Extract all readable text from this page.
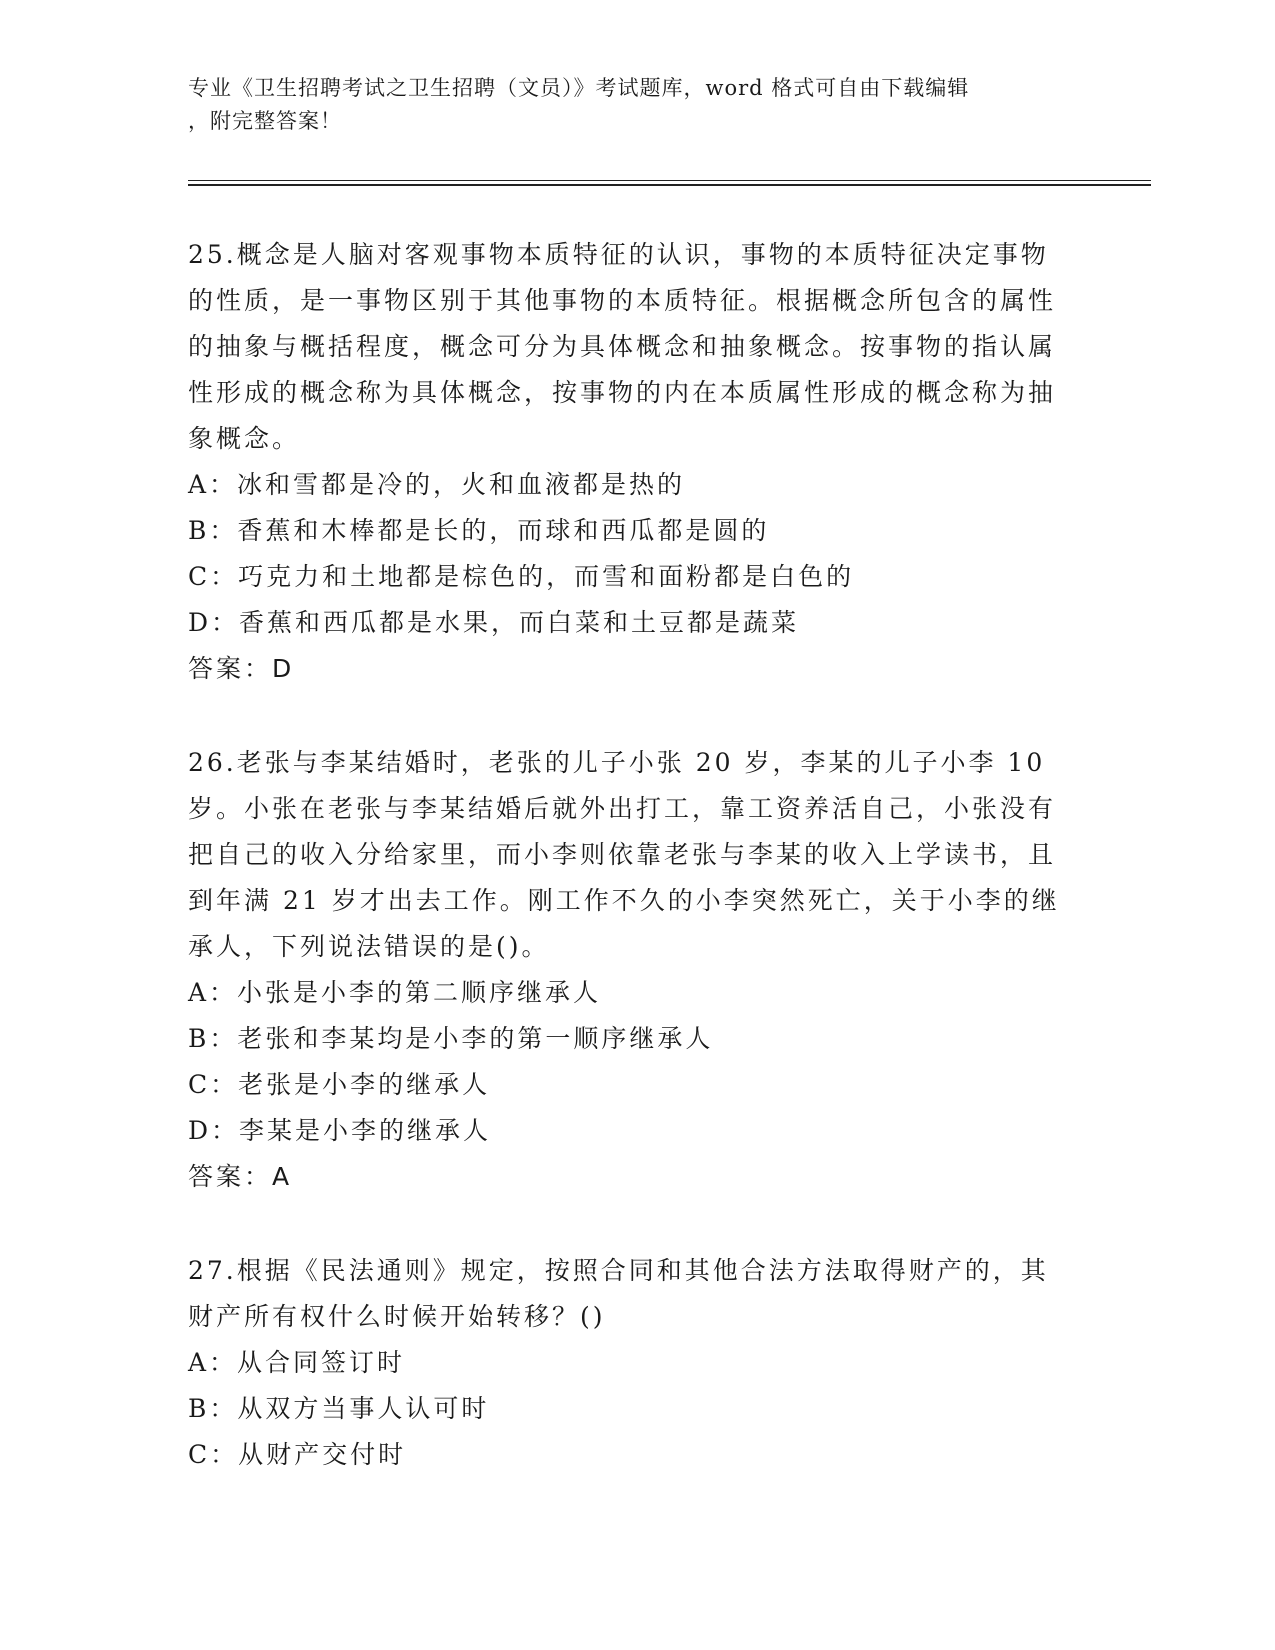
专业《卫生招聘考试之卫生招聘（文员）》考试题库，word 格式可自由下载编辑
，附完整答案！

25.概念是人脑对客观事物本质特征的认识，事物的本质特征决定事物的性质，是一事物区别于其他事物的本质特征。根据概念所包含的属性的抽象与概括程度，概念可分为具体概念和抽象概念。按事物的指认属性形成的概念称为具体概念，按事物的内在本质属性形成的概念称为抽象概念。

A：冰和雪都是冷的，火和血液都是热的

B：香蕉和木棒都是长的，而球和西瓜都是圆的

C：巧克力和土地都是棕色的，而雪和面粉都是白色的

D：香蕉和西瓜都是水果，而白菜和土豆都是蔬菜

答案：D

26.老张与李某结婚时，老张的儿子小张 20 岁，李某的儿子小李 10 岁。小张在老张与李某结婚后就外出打工，靠工资养活自己，小张没有把自己的收入分给家里，而小李则依靠老张与李某的收入上学读书，且到年满 21 岁才出去工作。刚工作不久的小李突然死亡，关于小李的继承人，下列说法错误的是()。

A：小张是小李的第二顺序继承人

B：老张和李某均是小李的第一顺序继承人

C：老张是小李的继承人

D：李某是小李的继承人

答案：A

27.根据《民法通则》规定，按照合同和其他合法方法取得财产的，其财产所有权什么时候开始转移？()

A：从合同签订时

B：从双方当事人认可时

C：从财产交付时
